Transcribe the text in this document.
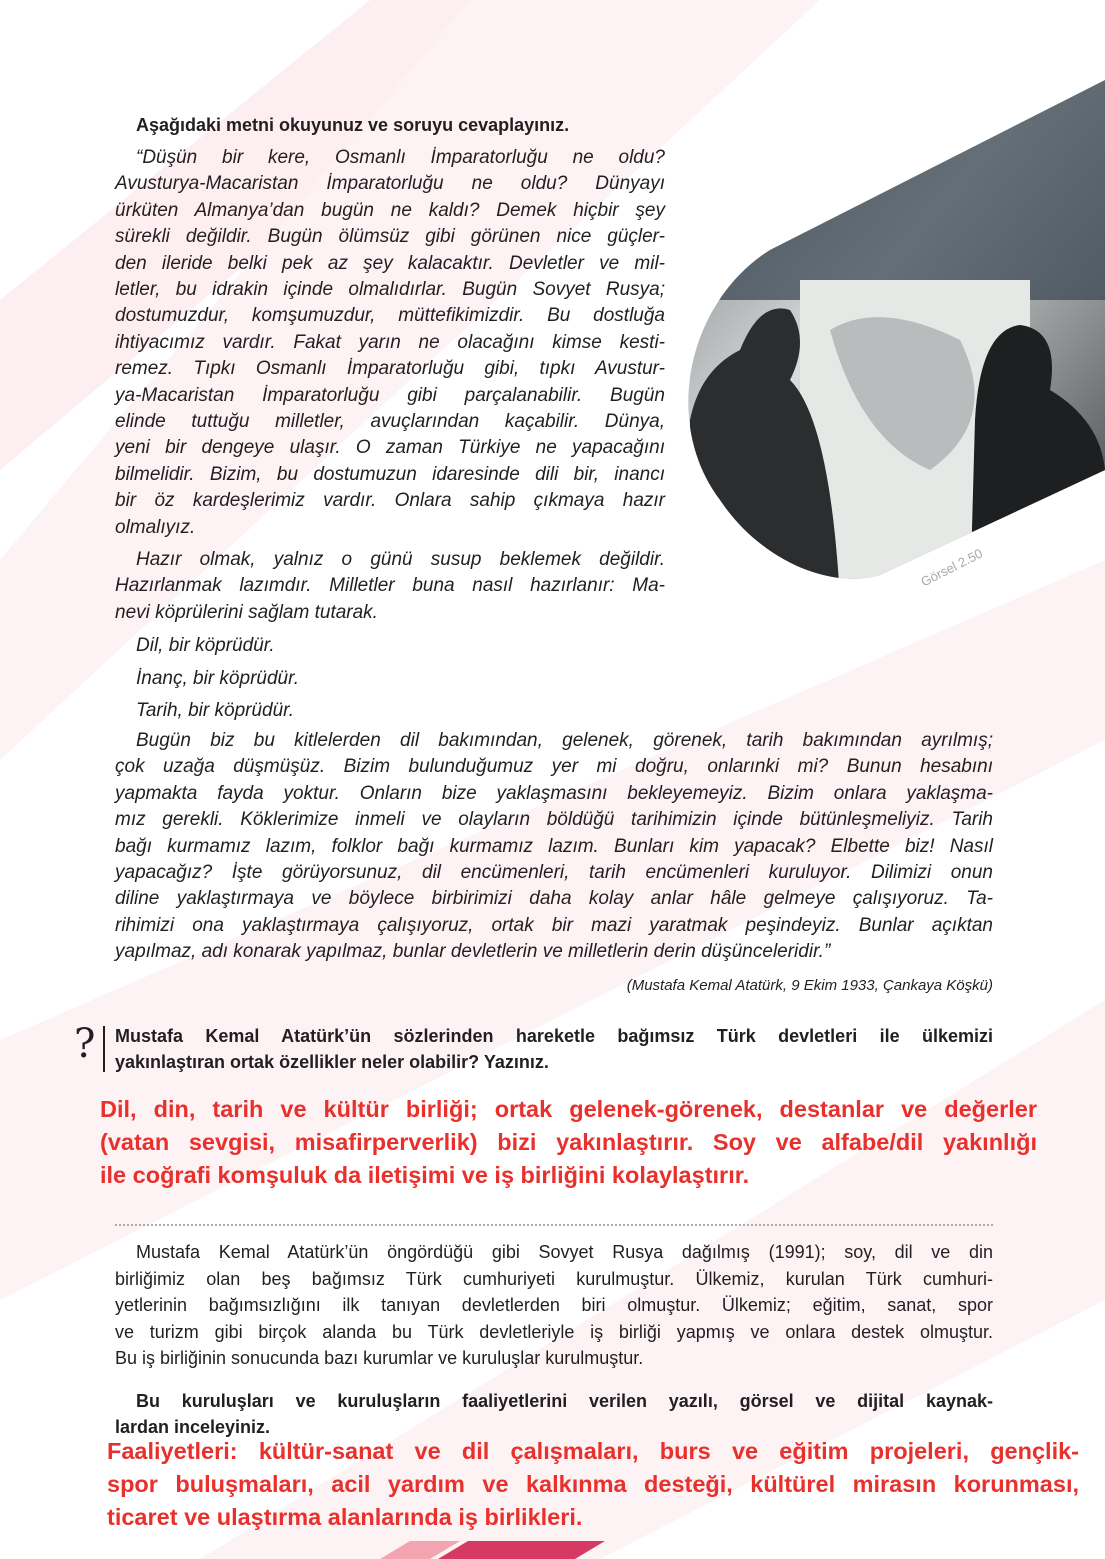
Görsel 2.50
Aşağıdaki metni okuyunuz ve soruyu cevaplayınız.
“Düşün bir kere, Osmanlı İmparatorluğu ne oldu?
Avusturya-Macaristan İmparatorluğu ne oldu? Dünyayı
ürküten Almanya’dan bugün ne kaldı? Demek hiçbir şey
sürekli değildir. Bugün ölümsüz gibi görünen nice güçler-
den ileride belki pek az şey kalacaktır. Devletler ve mil-
letler, bu idrakin içinde olmalıdırlar. Bugün Sovyet Rusya;
dostumuzdur, komşumuzdur, müttefikimizdir. Bu dostluğa
ihtiyacımız vardır. Fakat yarın ne olacağını kimse kesti-
remez. Tıpkı Osmanlı İmparatorluğu gibi, tıpkı Avustur-
ya-Macaristan İmparatorluğu gibi parçalanabilir. Bugün
elinde tuttuğu milletler, avuçlarından kaçabilir. Dünya,
yeni bir dengeye ulaşır. O zaman Türkiye ne yapacağını
bilmelidir. Bizim, bu dostumuzun idaresinde dili bir, inancı
bir öz kardeşlerimiz vardır. Onlara sahip çıkmaya hazır
olmalıyız.
Hazır olmak, yalnız o günü susup beklemek değildir.
Hazırlanmak lazımdır. Milletler buna nasıl hazırlanır: Ma-
nevi köprülerini sağlam tutarak.
Dil, bir köprüdür.
İnanç, bir köprüdür.
Tarih, bir köprüdür.
Bugün biz bu kitlelerden dil bakımından, gelenek, görenek, tarih bakımından ayrılmış;
çok uzağa düşmüşüz. Bizim bulunduğumuz yer mi doğru, onlarınki mi? Bunun hesabını
yapmakta fayda yoktur. Onların bize yaklaşmasını bekleyemeyiz. Bizim onlara yaklaşma-
mız gerekli. Köklerimize inmeli ve olayların böldüğü tarihimizin içinde bütünleşmeliyiz. Tarih
bağı kurmamız lazım, folklor bağı kurmamız lazım. Bunları kim yapacak? Elbette biz! Nasıl
yapacağız? İşte görüyorsunuz, dil encümenleri, tarih encümenleri kuruluyor. Dilimizi onun
diline yaklaştırmaya ve böylece birbirimizi daha kolay anlar hâle gelmeye çalışıyoruz. Ta-
rihimizi ona yaklaştırmaya çalışıyoruz, ortak bir mazi yaratmak peşindeyiz. Bunlar açıktan
yapılmaz, adı konarak yapılmaz, bunlar devletlerin ve milletlerin derin düşünceleridir.”
(Mustafa Kemal Atatürk, 9 Ekim 1933, Çankaya Köşkü)
? Mustafa Kemal Atatürk’ün sözlerinden hareketle bağımsız Türk devletleri ile ülkemizi
yakınlaştıran ortak özellikler neler olabilir? Yazınız.
Dil, din, tarih ve kültür birliği; ortak gelenek-görenek, destanlar ve değerler
(vatan sevgisi, misafirperverlik) bizi yakınlaştırır. Soy ve alfabe/dil yakınlığı
ile coğrafi komşuluk da iletişimi ve iş birliğini kolaylaştırır.
Mustafa Kemal Atatürk’ün öngördüğü gibi Sovyet Rusya dağılmış (1991); soy, dil ve din
birliğimiz olan beş bağımsız Türk cumhuriyeti kurulmuştur. Ülkemiz, kurulan Türk cumhuri-
yetlerinin bağımsızlığını ilk tanıyan devletlerden biri olmuştur. Ülkemiz; eğitim, sanat, spor
ve turizm gibi birçok alanda bu Türk devletleriyle iş birliği yapmış ve onlara destek olmuştur.
Bu iş birliğinin sonucunda bazı kurumlar ve kuruluşlar kurulmuştur.
Bu kuruluşları ve kuruluşların faaliyetlerini verilen yazılı, görsel ve dijital kaynak-
lardan inceleyiniz.
Faaliyetleri: kültür-sanat ve dil çalışmaları, burs ve eğitim projeleri, gençlik-
spor buluşmaları, acil yardım ve kalkınma desteği, kültürel mirasın korunması,
ticaret ve ulaştırma alanlarında iş birlikleri.
